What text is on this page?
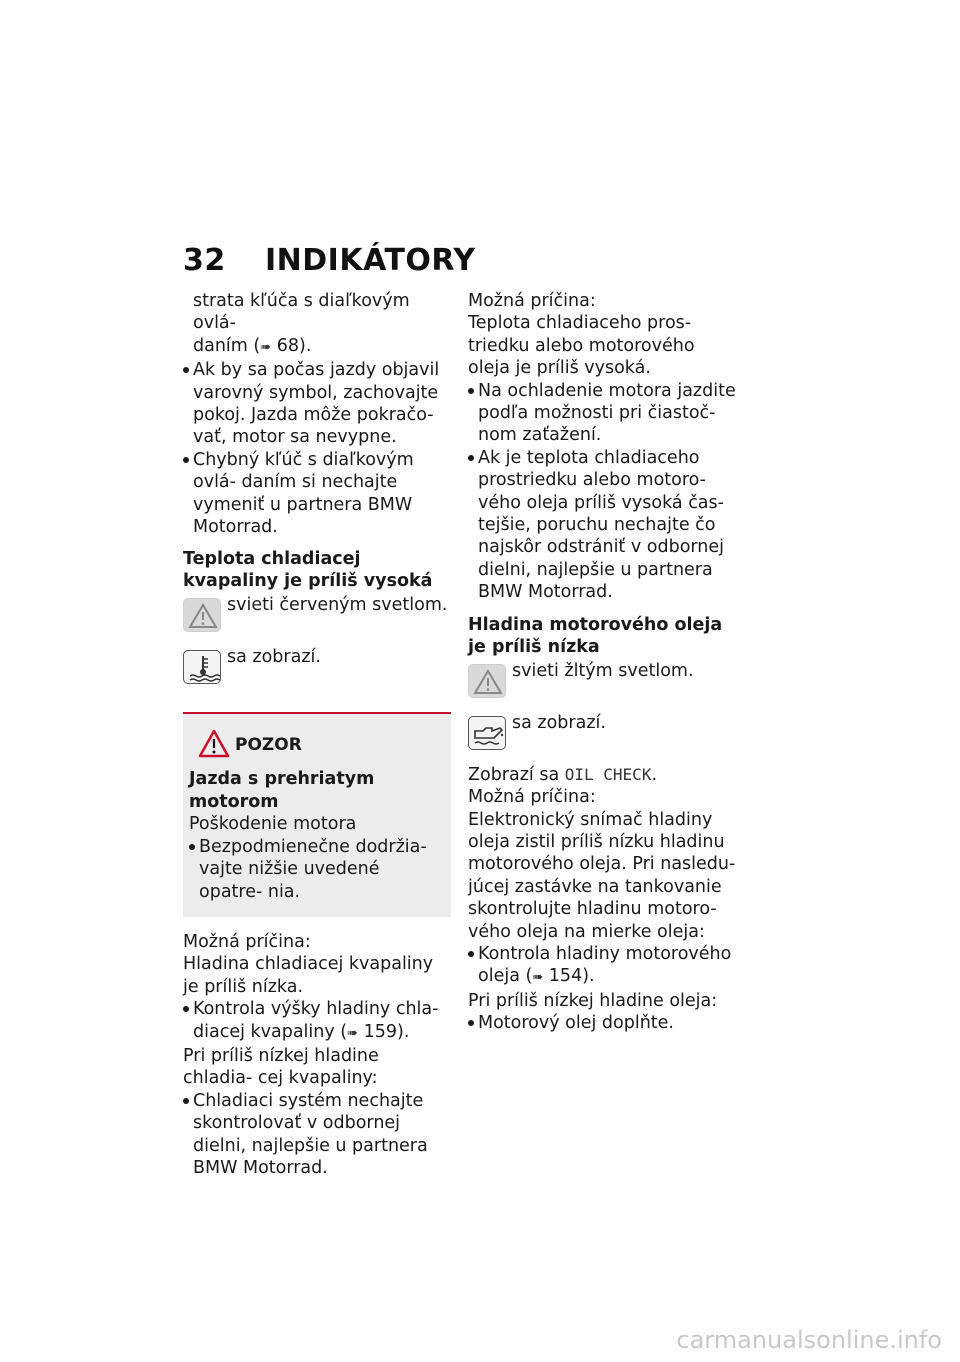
32 INDIKÁTORY

strata kľúča s diaľkovým ovlá-
daním (➠ 68).

Ak by sa počas jazdy objavil varovný symbol, zachovajte pokoj. Jazda môže pokračo- vať, motor sa nevypne.
Chybný kľúč s diaľkovým ovlá- daním si nechajte vymeniť u partnera BMW Motorrad.
Teplota chladiacej kvapaliny je príliš vysoká
svieti červeným svetlom.
sa zobrazí.
POZOR
Jazda s prehriatym motorom
Poškodenie motora
Bezpodmienečne dodržia- vajte nižšie uvedené opatre- nia.
Možná príčina:
Hladina chladiacej kvapaliny je príliš nízka.
Kontrola výšky hladiny chla- diacej kvapaliny (➠ 159).
Pri príliš nízkej hladine chladia- cej kvapaliny:
Chladiaci systém nechajte skontrolovať v odbornej dielni, najlepšie u partnera BMW Motorrad.
Možná príčina:
Teplota chladiaceho pros- triedku alebo motorového oleja je príliš vysoká.
Na ochladenie motora jazdite podľa možnosti pri čiastoč- nom zaťažení.
Ak je teplota chladiaceho prostriedku alebo motoro- vého oleja príliš vysoká čas- tejšie, poruchu nechajte čo najskôr odstrániť v odbornej dielni, najlepšie u partnera BMW Motorrad.
Hladina motorového oleja je príliš nízka
svieti žltým svetlom.
sa zobrazí.
Zobrazí sa OIL CHECK.
Možná príčina:
Elektronický snímač hladiny oleja zistil príliš nízku hladinu motorového oleja. Pri nasledu- júcej zastávke na tankovanie skontrolujte hladinu motoro- vého oleja na mierke oleja:
Kontrola hladiny motorového oleja (➠ 154).
Pri príliš nízkej hladine oleja:
Motorový olej doplňte.
carmanualsonline.info
